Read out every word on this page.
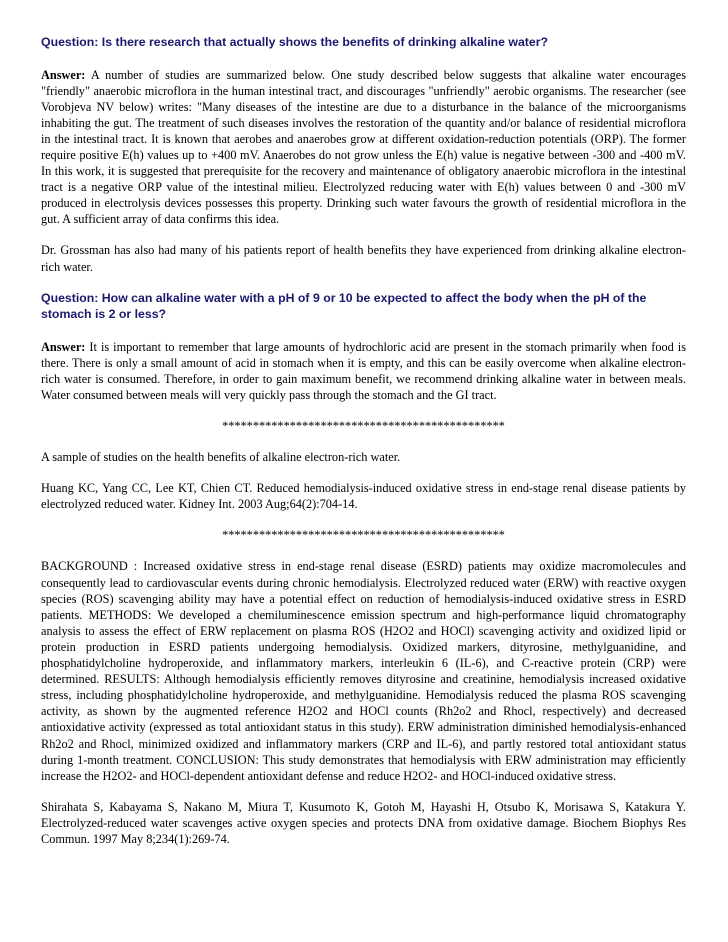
Question: Is there research that actually shows the benefits of drinking alkaline water?

Answer: A number of studies are summarized below. One study described below suggests that alkaline water encourages "friendly" anaerobic microflora in the human intestinal tract, and discourages "unfriendly" aerobic organisms. The researcher (see Vorobjeva NV below) writes: "Many diseases of the intestine are due to a disturbance in the balance of the microorganisms inhabiting the gut. The treatment of such diseases involves the restoration of the quantity and/or balance of residential microflora in the intestinal tract. It is known that aerobes and anaerobes grow at different oxidation-reduction potentials (ORP). The former require positive E(h) values up to +400 mV. Anaerobes do not grow unless the E(h) value is negative between -300 and -400 mV. In this work, it is suggested that prerequisite for the recovery and maintenance of obligatory anaerobic microflora in the intestinal tract is a negative ORP value of the intestinal milieu. Electrolyzed reducing water with E(h) values between 0 and -300 mV produced in electrolysis devices possesses this property. Drinking such water favours the growth of residential microflora in the gut. A sufficient array of data confirms this idea.

Dr. Grossman has also had many of his patients report of health benefits they have experienced from drinking alkaline electron-rich water.

Question: How can alkaline water with a pH of 9 or 10 be expected to affect the body when the pH of the stomach is 2 or less?

Answer: It is important to remember that large amounts of hydrochloric acid are present in the stomach primarily when food is there. There is only a small amount of acid in stomach when it is empty, and this can be easily overcome when alkaline electron-rich water is consumed. Therefore, in order to gain maximum benefit, we recommend drinking alkaline water in between meals. Water consumed between meals will very quickly pass through the stomach and the GI tract.

**********************************************

A sample of studies on the health benefits of alkaline electron-rich water.

Huang KC, Yang CC, Lee KT, Chien CT. Reduced hemodialysis-induced oxidative stress in end-stage renal disease patients by electrolyzed reduced water. Kidney Int. 2003 Aug;64(2):704-14.

**********************************************

BACKGROUND : Increased oxidative stress in end-stage renal disease (ESRD) patients may oxidize macromolecules and consequently lead to cardiovascular events during chronic hemodialysis. Electrolyzed reduced water (ERW) with reactive oxygen species (ROS) scavenging ability may have a potential effect on reduction of hemodialysis-induced oxidative stress in ESRD patients. METHODS: We developed a chemiluminescence emission spectrum and high-performance liquid chromatography analysis to assess the effect of ERW replacement on plasma ROS (H2O2 and HOCl) scavenging activity and oxidized lipid or protein production in ESRD patients undergoing hemodialysis. Oxidized markers, dityrosine, methylguanidine, and phosphatidylcholine hydroperoxide, and inflammatory markers, interleukin 6 (IL-6), and C-reactive protein (CRP) were determined. RESULTS: Although hemodialysis efficiently removes dityrosine and creatinine, hemodialysis increased oxidative stress, including phosphatidylcholine hydroperoxide, and methylguanidine. Hemodialysis reduced the plasma ROS scavenging activity, as shown by the augmented reference H2O2 and HOCl counts (Rh2o2 and Rhocl, respectively) and decreased antioxidative activity (expressed as total antioxidant status in this study). ERW administration diminished hemodialysis-enhanced Rh2o2 and Rhocl, minimized oxidized and inflammatory markers (CRP and IL-6), and partly restored total antioxidant status during 1-month treatment. CONCLUSION: This study demonstrates that hemodialysis with ERW administration may efficiently increase the H2O2- and HOCl-dependent antioxidant defense and reduce H2O2- and HOCl-induced oxidative stress.

Shirahata S, Kabayama S, Nakano M, Miura T, Kusumoto K, Gotoh M, Hayashi H, Otsubo K, Morisawa S, Katakura Y. Electrolyzed-reduced water scavenges active oxygen species and protects DNA from oxidative damage. Biochem Biophys Res Commun. 1997 May 8;234(1):269-74.
